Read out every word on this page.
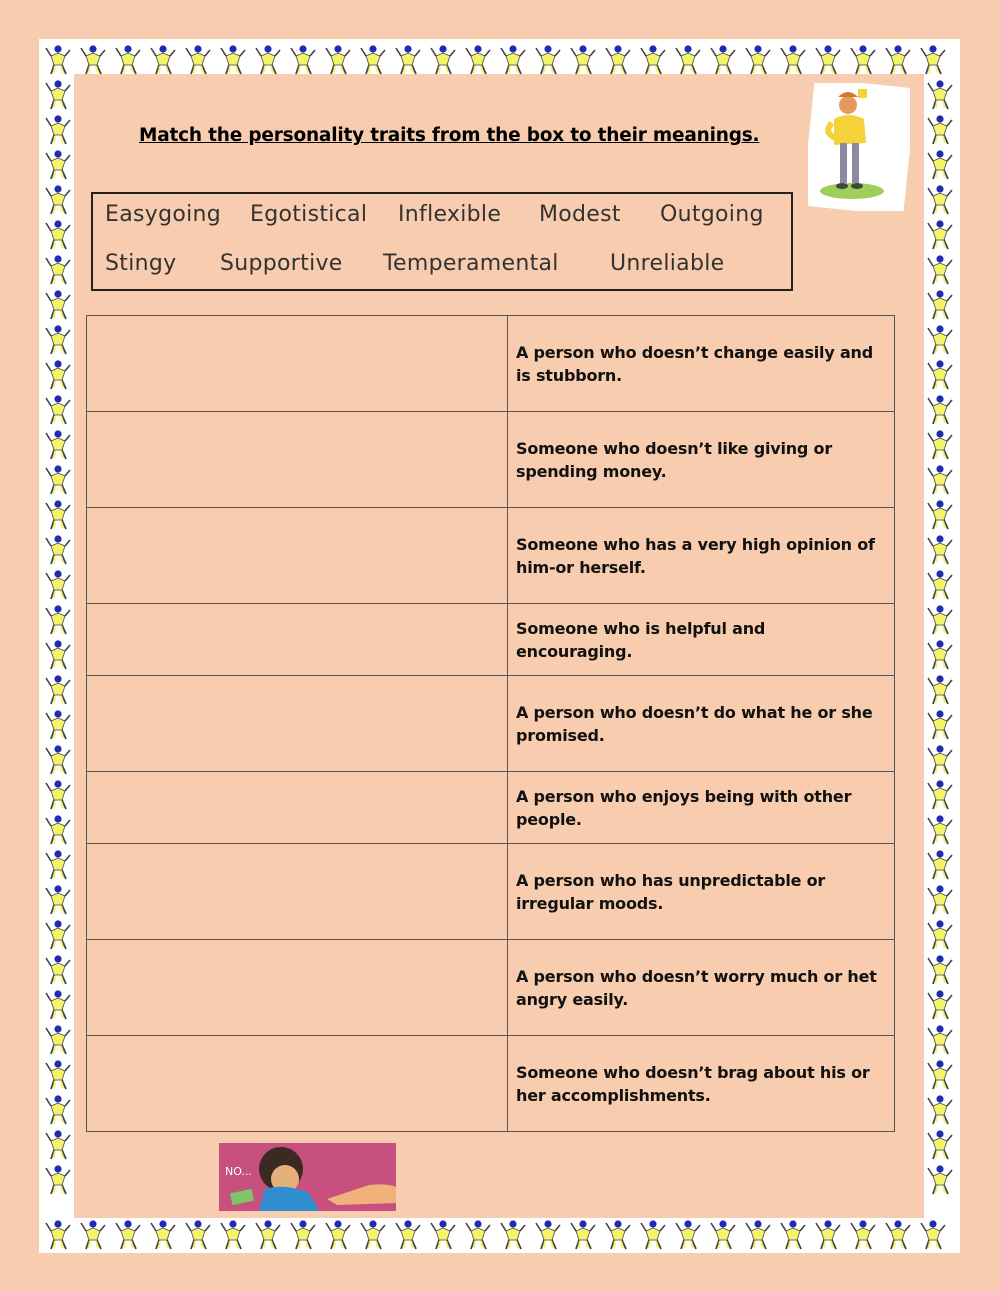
Match the personality traits from the box to their meanings.
Easygoing Egotistical Inflexible Modest Outgoing
Stingy Supportive Temperamental Unreliable
	A person who doesn’t change easily and is stubborn.
	Someone who doesn’t like giving or spending money.
	Someone who has a very high opinion of him-or herself.
	Someone who is helpful and encouraging.
	A person who doesn’t do what he or she promised.
	A person who enjoys being with other people.
	A person who has unpredictable or irregular moods.
	A person who doesn’t worry much or het angry easily.
	Someone who doesn’t brag about his or her accomplishments.
NO...
